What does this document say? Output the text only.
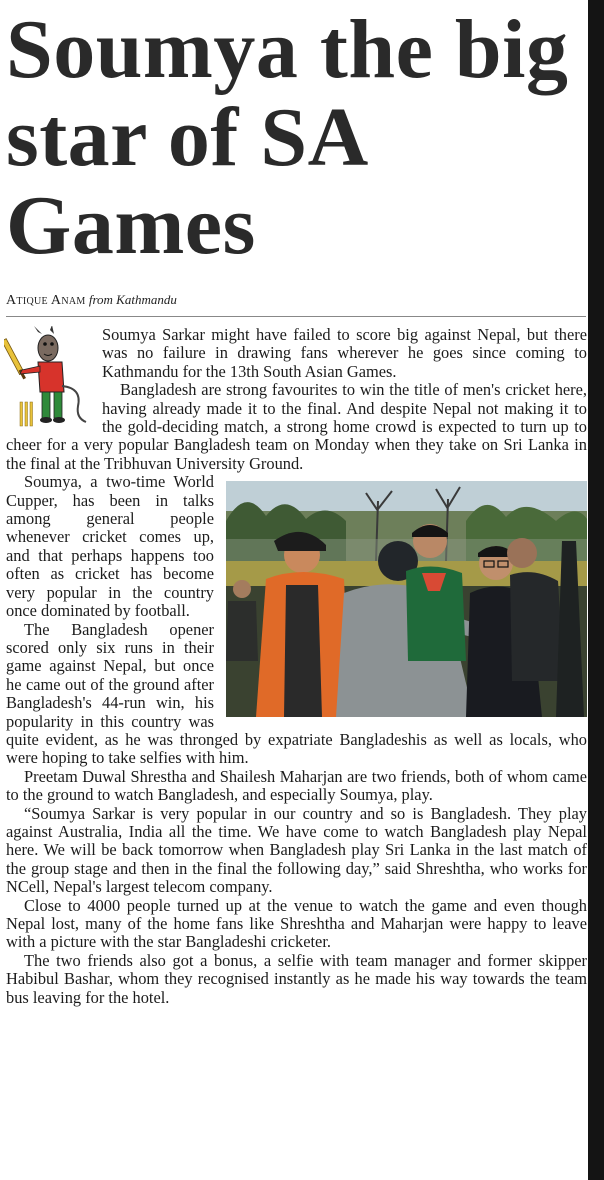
Soumya the big star of SA Games
Atique Anam from Kathmandu

Soumya Sarkar might have failed to score big against Nepal, but there was no failure in drawing fans wherever he goes since coming to Kathmandu for the 13th South Asian Games.

Bangladesh are strong favourites to win the title of men's cricket here, having already made it to the final. And despite Nepal not making it to the gold-deciding match, a strong home crowd is expected to turn up to cheer for a very popular Bangladesh team on Monday when they take on Sri Lanka in the final at the Tribhuvan University Ground.

Soumya, a two-time World Cupper, has been in talks among general people whenever cricket comes up, and that perhaps happens too often as cricket has become very popular in the country once dominated by football.

The Bangladesh opener scored only six runs in their game against Nepal, but once he came out of the ground after Bangladesh's 44-run win, his popularity in this country was quite evident, as he was thronged by expatriate Bangladeshis as well as locals, who were hoping to take selfies with him.

Preetam Duwal Shrestha and Shailesh Maharjan are two friends, both of whom came to the ground to watch Bangladesh, and especially Soumya, play.

“Soumya Sarkar is very popular in our country and so is Bangladesh. They play against Australia, India all the time. We have come to watch Bangladesh play Nepal here. We will be back tomorrow when Bangladesh play Sri Lanka in the last match of the group stage and then in the final the following day,” said Shreshtha, who works for NCell, Nepal's largest telecom company.

Close to 4000 people turned up at the venue to watch the game and even though Nepal lost, many of the home fans like Shreshtha and Maharjan were happy to leave with a picture with the star Bangladeshi cricketer.

The two friends also got a bonus, a selfie with team manager and former skipper Habibul Bashar, whom they recognised instantly as he made his way towards the team bus leaving for the hotel.
